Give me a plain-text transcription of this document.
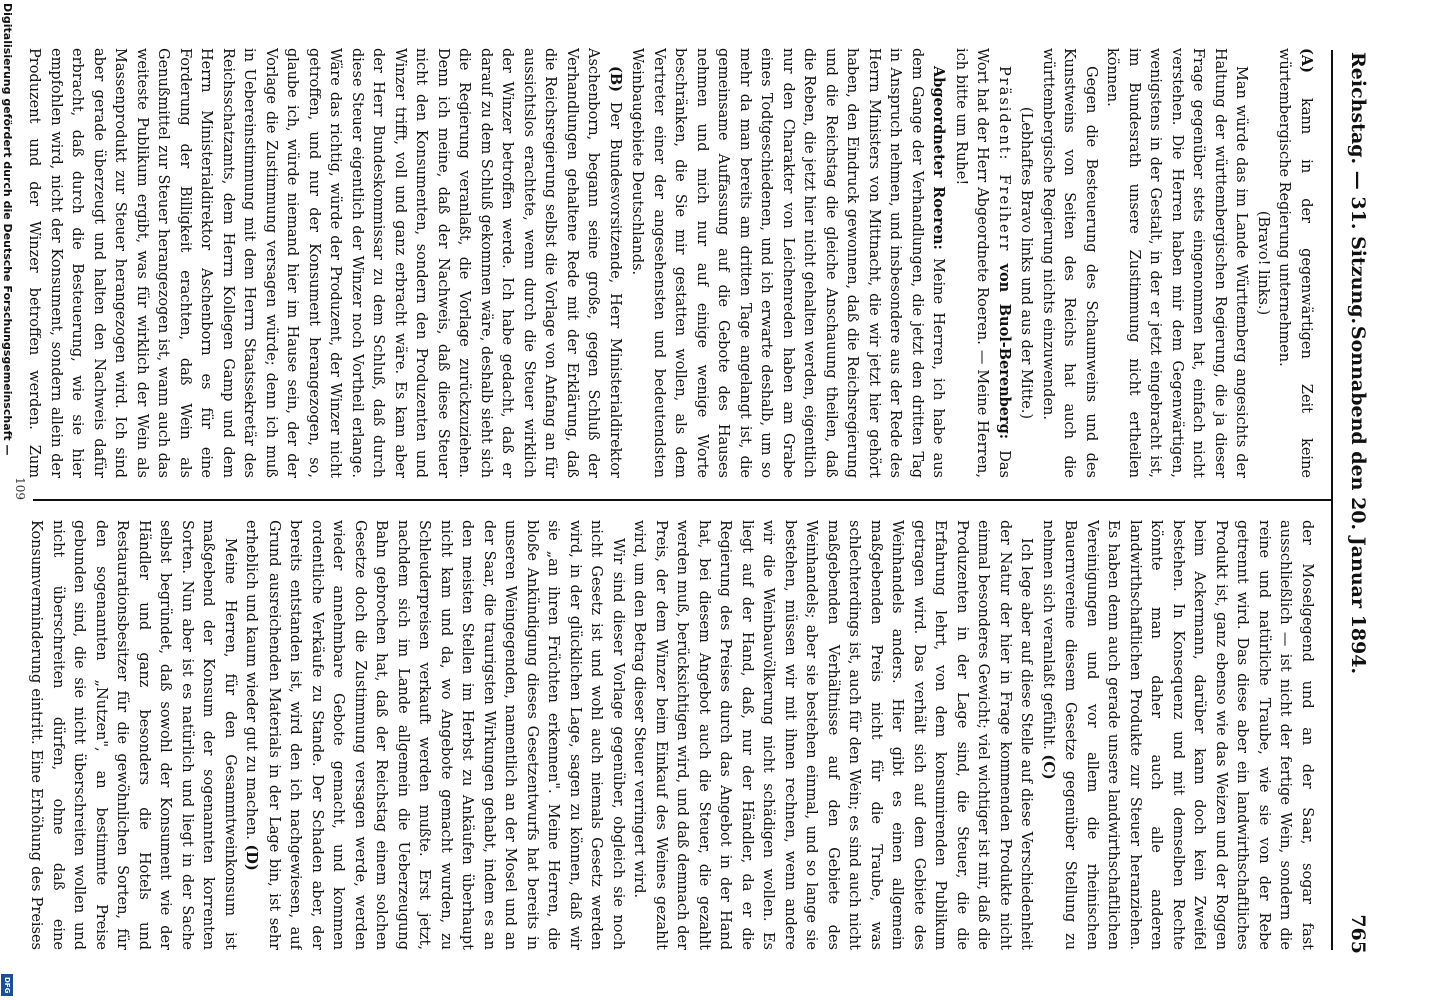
Digitalisierung gefördert durch die Deutsche Forschungsgemeinschaft —
DFG
Reichstag. — 31. Sitzung.
Sonnabend den 20. Januar 1894.
765

(A) kann in der gegenwärtigen Zeit keine würtembergische Regierung unternehmen.

(Bravo! links.)

Man würde das im Lande Württemberg angesichts der Haltung der württembergischen Regierung, die ja dieser Frage gegenüber stets eingenommen hat, einfach nicht verstehen. Die Herren haben mir dem Gegenwärtigen, wenigstens in der Gestalt, in der er jetzt eingebracht ist, im Bundesrath unsere Zustimmung nicht ertheilen können.

Gegen die Besteuerung des Schaumweins und des Kunstweins von Seiten des Reichs hat auch die württembergische Regierung nichts einzuwenden.

(Lebhaftes Bravo links und aus der Mitte.)

Präsident: Freiherr von Buol-Berenberg: Das Wort hat der Herr Abgeordnete Roeren. — Meine Herren, ich bitte um Ruhe!

Abgeordneter Roeren: Meine Herren, ich habe aus dem Gange der Verhandlungen, die jetzt den dritten Tag in Anspruch nehmen, und insbesondere aus der Rede des Herrn Ministers von Mittnacht, die wir jetzt hier gehört haben, den Eindruck gewonnen, daß die Reichsregierung und die Reichstag die gleiche Anschauung theilen, daß die Reben, die jetzt hier nicht gehalten werden, eigentlich nur den Charakter von Leichenreden haben am Grabe eines Todtgeschiedenen, und ich erwarte deshalb, um so mehr da man bereits am dritten Tage angelangt ist, die gemeinsame Auffassung auf die Gebote des Hauses nehmen und mich nur auf einige wenige Worte beschränken, die Sie mir gestatten wollen, als dem Vertreter einer der angesehensten und bedeutendsten Weinbaugebiete Deutschlands.

(B) Der Bundesvorsitzende, Herr Ministerialdirektor Aschenborn, begann seine große, gegen Schluß der Verhandlungen gehaltene Rede mit der Erklärung, daß die Reichsregierung selbst die Vorlage von Anfang an für aussichtslos erachtete, wenn durch die Steuer wirklich der Winzer betroffen werde. Ich habe gedacht, daß er darauf zu dem Schluß gekommen wäre, deshalb sieht sich die Regierung veranlaßt, die Vorlage zurückzuziehen. Denn ich meine, daß der Nachweis, daß diese Steuer nicht den Konsumenten, sondern den Produzenten und Winzer trifft, voll und ganz erbracht wäre. Es kam aber der Herr Bundeskommissar zu dem Schluß, daß durch diese Steuer eigentlich der Winzer noch Vortheil erlange. Wäre das richtig, würde der Produzent, der Winzer nicht getroffen, und nur der Konsument herangezogen, so, glaube ich, würde niemand hier im Hause sein, der der Vorlage die Zustimmung versagen würde; denn ich muß in Uebereinstimmung mit dem Herrn Staatssekretär des Reichsschatzamts, dem Herrn Kollegen Gamp und dem Herrn Ministerialdirektor Aschenborn es für eine Forderung der Billigkeit erachten, daß Wein als Genußmittel zur Steuer herangezogen ist, wann auch das weiteste Publikum ergibt, was für wirklich der Wein als Massenprodukt zur Steuer herangezogen wird. Ich sind aber gerade überzeugt und halten den Nachweis dafür erbracht, daß durch die Besteuerung, wie sie hier empfohlen wird, nicht der Konsument, sondern allein der Produzent und der Winzer betroffen werden. Zum

der Moselgegend und an der Saar, sogar fast ausschließlich — ist nicht der fertige Wein, sondern die reine und natürliche Traube, wie sie von der Rebe getrennt wird. Das diese aber ein landwirthschaftliches Produkt ist, ganz ebenso wie das Weizen und der Roggen beim Ackermann, darüber kann doch kein Zweifel bestehen. In Konsequenz und mit demselben Rechte könnte man daher auch alle anderen landwirthschaftlichen Produkte zur Steuer heranziehen. Es haben denn auch gerade unsere landwirthschaftlichen Vereinigungen und vor allem die rheinischen Bauernvereine diesem Gesetze gegenüber Stellung zu nehmen sich veranlaßt gefühlt. (C)

Ich lege aber auf diese Stelle auf diese Verschiedenheit der Natur der hier in Frage kommenden Produkte nicht einmal besonderes Gewicht; viel wichtiger ist mir, daß die Produzenten in der Lage sind, die Steuer, die die Erfahrung lehrt, von dem konsumirenden Publikum getragen wird. Das verhält sich auf dem Gebiete des Weinhandels anders. Hier gibt es einen allgemein maßgebenden Preis nicht für die Traube, was schlechterdings ist, auch für den Wein; es sind auch nicht maßgebenden Verhältnisse auf den Gebiete des Weinhandels; aber sie bestehen einmal, und so lange sie bestehen, müssen wir mit ihnen rechnen, wenn andere wir die Weinbauvölkerung nicht schädigen wollen. Es liegt auf der Hand, daß, nur der Händler, da er die Regierung des Preises durch das Angebot in der Hand hat, bei diesem Angebot auch die Steuer, die gezahlt werden muß, berücksichtigen wird, und daß demnach der Preis, der dem Winzer beim Einkauf des Weines gezahlt wird, um den Betrag dieser Steuer verringert wird.

Wir sind dieser Vorlage gegenüber, obgleich sie noch nicht Gesetz ist und wohl auch niemals Gesetz werden wird, in der glücklichen Lage, sagen zu können, daß wir sie „an ihren Früchten erkennen". Meine Herren, die bloße Ankündigung dieses Gesetzentwurfs hat bereits in unseren Weingegenden, namentlich an der Mosel und an der Saar, die traurigsten Wirkungen gehabt, indem es an den meisten Stellen im Herbst zu Ankäufen überhaupt nicht kam und da, wo Angebote gemacht wurden, zu Schleuderpreisen verkauft werden mußte. Erst jetzt, nachdem sich im Lande allgemein die Ueberzeugung Bahn gebrochen hat, daß der Reichstag einem solchen Gesetze doch die Zustimmung versagen werde, werden wieder annehmbare Gebote gemacht, und kommen ordentliche Verkäufe zu Stande. Der Schaden aber, der bereits entstanden ist, wird den ich nachgewiesen, auf Grund ausreichenden Materials in der Lage bin, ist sehr erheblich und kaum wieder gut zu machen. (D)

Meine Herren, für den Gesammtweinkonsum ist maßgebend der Konsum der sogenannten korrenten Sorten. Nun aber ist es natürlich und liegt in der Sache selbst begründet, daß sowohl der Konsument wie der Händler und ganz besonders die Hotels und Restaurationsbesitzer für die gewöhnlichen Sorten, für den sogenannten „Nutzen", an bestimmte Preise gebunden sind, die sie nicht überschreiten wollen und nicht überschreiten dürfen, ohne daß eine Konsumverminderung eintritt. Eine Erhöhung des Preises

109
